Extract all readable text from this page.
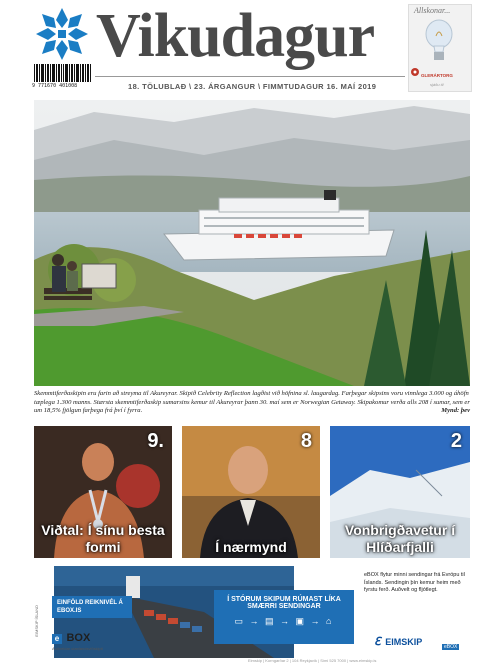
Vikudagur
9 771670 401008	18. TÖLUBLAÐ \ 23. ÁRGANGUR \ FIMMTUDAGUR 16. MAÍ 2019
Allskonar...
GLERÁRTORG
sjáðu til
Skemmtiferðaskipin eru farin að streyma til Akureyrar. Skipið Celebrity Reflection lagðist við höfnina sl. laugardag. Farþegar skipsins voru vinnlega 3.000 og áhöfn tæplega 1.300 manns. Stærsta skemmtiferðaskip sumarsins kemur til Akureyrar þann 30. maí sem er Norwegian Getaway. Skipakomur verða alls 208 í sumar, sem er um 18,5% fjölgun farþega frá því í fyrra.	Mynd: þev
9.
Viðtal: Í sínu besta formi
8
Í nærmynd
2
Vonbrigðavetur í Hlíðarfjalli
EINFÖLD REIKNIVÉL Á EBOX.IS
e BOX
Auðveldar utanlandsviðskipti
Í STÓRUM SKIPUM RÚMAST LÍKA
SMÆRRI SENDINGAR
▭ → ▤ → ▣ → ⌂
eBOX flytur minni sendingar frá Evrópu til Íslands. Sendingin þín kemur heim með fyrstu ferð. Auðvelt og fljótlegt.
ℇ EIMSKIP	eBOX
EIMSKIP ÍSLAND
Eimskip | Korngarðar 2 | 104 Reykjavík | Sími 525 7000 | www.eimskip.is
